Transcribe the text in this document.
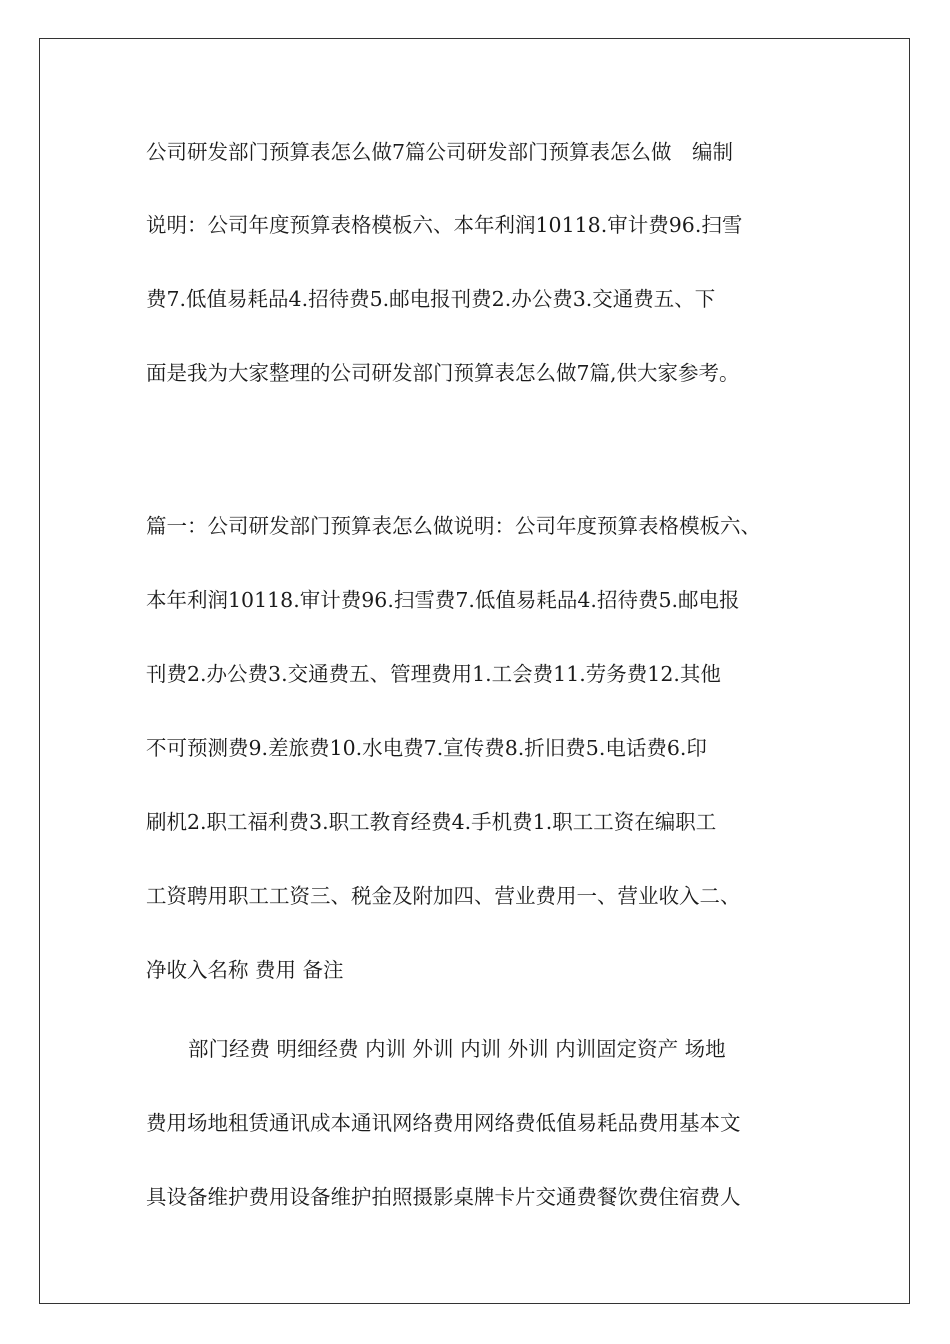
公司研发部门预算表怎么做7篇公司研发部门预算表怎么做　编制
说明：公司年度预算表格模板六、本年利润10118.审计费96.扫雪
费7.低值易耗品4.招待费5.邮电报刊费2.办公费3.交通费五、下
面是我为大家整理的公司研发部门预算表怎么做7篇,供大家参考。
篇一：公司研发部门预算表怎么做说明：公司年度预算表格模板六、
本年利润10118.审计费96.扫雪费7.低值易耗品4.招待费5.邮电报
刊费2.办公费3.交通费五、管理费用1.工会费11.劳务费12.其他
不可预测费9.差旅费10.水电费7.宣传费8.折旧费5.电话费6.印
刷机2.职工福利费3.职工教育经费4.手机费1.职工工资在编职工
工资聘用职工工资三、税金及附加四、营业费用一、营业收入二、
净收入名称 费用 备注
部门经费 明细经费 内训 外训 内训 外训 内训固定资产 场地
费用场地租赁通讯成本通讯网络费用网络费低值易耗品费用基本文
具设备维护费用设备维护拍照摄影桌牌卡片交通费餐饮费住宿费人
